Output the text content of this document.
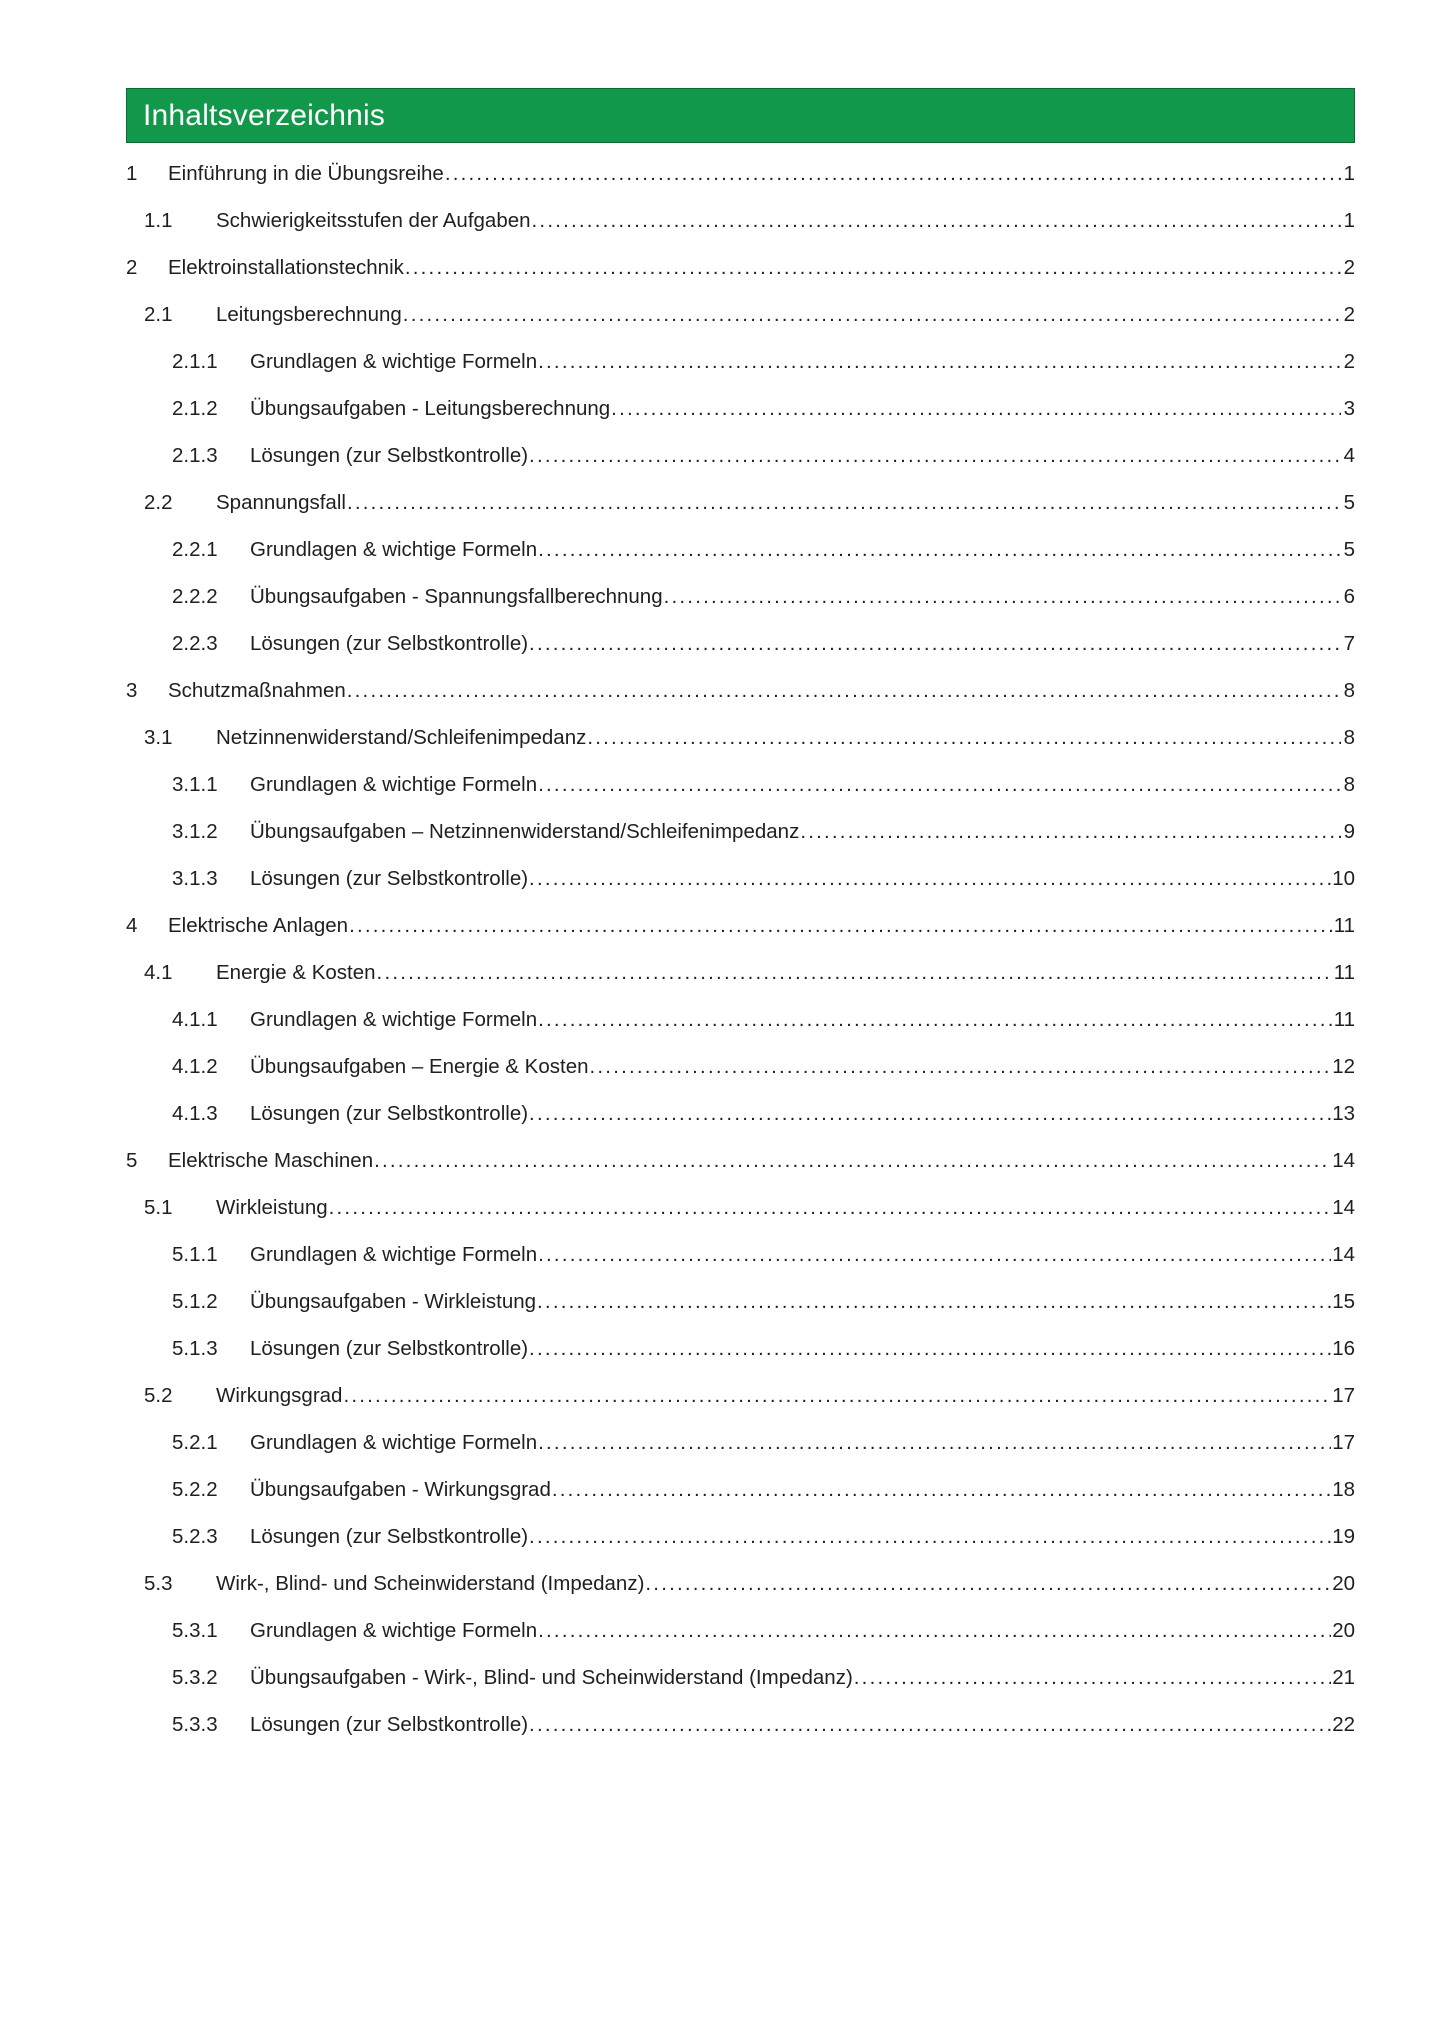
Inhaltsverzeichnis
1	Einführung in die Übungsreihe .....	1
1.1	Schwierigkeitsstufen der Aufgaben .....	1
2	Elektroinstallationstechnik .....	2
2.1	Leitungsberechnung .....	2
2.1.1	Grundlagen & wichtige Formeln .....	2
2.1.2	Übungsaufgaben - Leitungsberechnung .....	3
2.1.3	Lösungen (zur Selbstkontrolle) .....	4
2.2	Spannungsfall .....	5
2.2.1	Grundlagen & wichtige Formeln .....	5
2.2.2	Übungsaufgaben - Spannungsfallberechnung .....	6
2.2.3	Lösungen (zur Selbstkontrolle) .....	7
3	Schutzmaßnahmen .....	8
3.1	Netzinnenwiderstand/Schleifenimpedanz .....	8
3.1.1	Grundlagen & wichtige Formeln .....	8
3.1.2	Übungsaufgaben – Netzinnenwiderstand/Schleifenimpedanz .....	9
3.1.3	Lösungen (zur Selbstkontrolle) .....	10
4	Elektrische Anlagen .....	11
4.1	Energie & Kosten .....	11
4.1.1	Grundlagen & wichtige Formeln .....	11
4.1.2	Übungsaufgaben – Energie & Kosten .....	12
4.1.3	Lösungen (zur Selbstkontrolle) .....	13
5	Elektrische Maschinen .....	14
5.1	Wirkleistung .....	14
5.1.1	Grundlagen & wichtige Formeln .....	14
5.1.2	Übungsaufgaben - Wirkleistung .....	15
5.1.3	Lösungen (zur Selbstkontrolle) .....	16
5.2	Wirkungsgrad .....	17
5.2.1	Grundlagen & wichtige Formeln .....	17
5.2.2	Übungsaufgaben - Wirkungsgrad .....	18
5.2.3	Lösungen (zur Selbstkontrolle) .....	19
5.3	Wirk-, Blind- und Scheinwiderstand (Impedanz) .....	20
5.3.1	Grundlagen & wichtige Formeln .....	20
5.3.2	Übungsaufgaben - Wirk-, Blind- und Scheinwiderstand (Impedanz) .....	21
5.3.3	Lösungen (zur Selbstkontrolle) .....	22
